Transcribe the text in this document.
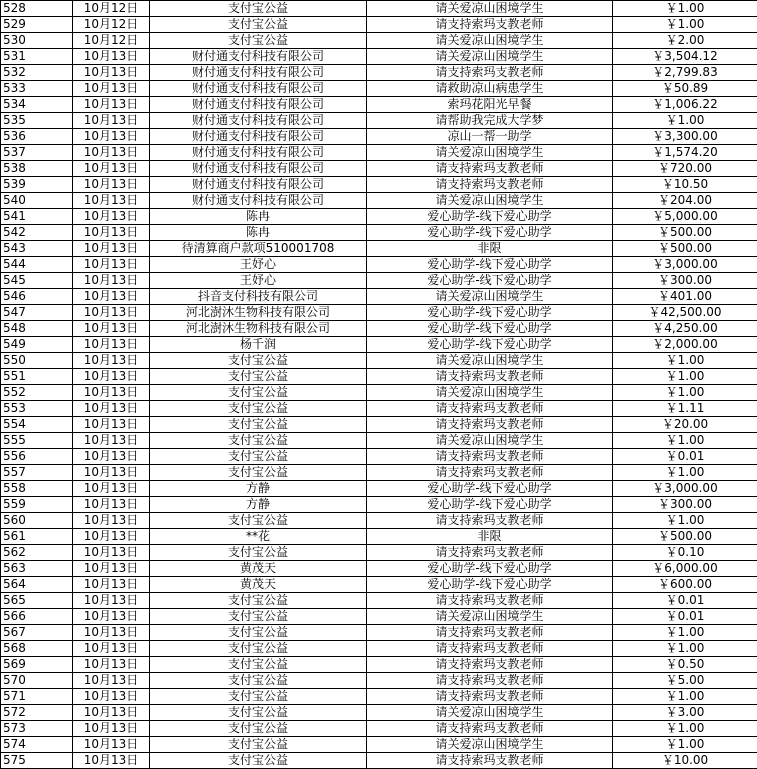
528	10月12日	支付宝公益	请关爱凉山困境学生	￥1.00
529	10月12日	支付宝公益	请支持索玛支教老师	￥1.00
530	10月12日	支付宝公益	请关爱凉山困境学生	￥2.00
531	10月13日	财付通支付科技有限公司	请关爱凉山困境学生	￥3,504.12
532	10月13日	财付通支付科技有限公司	请支持索玛支教老师	￥2,799.83
533	10月13日	财付通支付科技有限公司	请救助凉山病患学生	￥50.89
534	10月13日	财付通支付科技有限公司	索玛花阳光早餐	￥1,006.22
535	10月13日	财付通支付科技有限公司	请帮助我完成大学梦	￥1.00
536	10月13日	财付通支付科技有限公司	凉山一帮一助学	￥3,300.00
537	10月13日	财付通支付科技有限公司	请关爱凉山困境学生	￥1,574.20
538	10月13日	财付通支付科技有限公司	请支持索玛支教老师	￥720.00
539	10月13日	财付通支付科技有限公司	请支持索玛支教老师	￥10.50
540	10月13日	财付通支付科技有限公司	请关爱凉山困境学生	￥204.00
541	10月13日	陈冉	爱心助学-线下爱心助学	￥5,000.00
542	10月13日	陈冉	爱心助学-线下爱心助学	￥500.00
543	10月13日	待清算商户款项510001708	非限	￥500.00
544	10月13日	王妤心	爱心助学-线下爱心助学	￥3,000.00
545	10月13日	王妤心	爱心助学-线下爱心助学	￥300.00
546	10月13日	抖音支付科技有限公司	请关爱凉山困境学生	￥401.00
547	10月13日	河北澍沐生物科技有限公司	爱心助学-线下爱心助学	￥42,500.00
548	10月13日	河北澍沐生物科技有限公司	爱心助学-线下爱心助学	￥4,250.00
549	10月13日	杨千润	爱心助学-线下爱心助学	￥2,000.00
550	10月13日	支付宝公益	请关爱凉山困境学生	￥1.00
551	10月13日	支付宝公益	请支持索玛支教老师	￥1.00
552	10月13日	支付宝公益	请关爱凉山困境学生	￥1.00
553	10月13日	支付宝公益	请支持索玛支教老师	￥1.11
554	10月13日	支付宝公益	请支持索玛支教老师	￥20.00
555	10月13日	支付宝公益	请关爱凉山困境学生	￥1.00
556	10月13日	支付宝公益	请支持索玛支教老师	￥0.01
557	10月13日	支付宝公益	请支持索玛支教老师	￥1.00
558	10月13日	方静	爱心助学-线下爱心助学	￥3,000.00
559	10月13日	方静	爱心助学-线下爱心助学	￥300.00
560	10月13日	支付宝公益	请支持索玛支教老师	￥1.00
561	10月13日	**花	非限	￥500.00
562	10月13日	支付宝公益	请支持索玛支教老师	￥0.10
563	10月13日	黄茂天	爱心助学-线下爱心助学	￥6,000.00
564	10月13日	黄茂天	爱心助学-线下爱心助学	￥600.00
565	10月13日	支付宝公益	请支持索玛支教老师	￥0.01
566	10月13日	支付宝公益	请关爱凉山困境学生	￥0.01
567	10月13日	支付宝公益	请支持索玛支教老师	￥1.00
568	10月13日	支付宝公益	请支持索玛支教老师	￥1.00
569	10月13日	支付宝公益	请支持索玛支教老师	￥0.50
570	10月13日	支付宝公益	请支持索玛支教老师	￥5.00
571	10月13日	支付宝公益	请支持索玛支教老师	￥1.00
572	10月13日	支付宝公益	请关爱凉山困境学生	￥3.00
573	10月13日	支付宝公益	请支持索玛支教老师	￥1.00
574	10月13日	支付宝公益	请关爱凉山困境学生	￥1.00
575	10月13日	支付宝公益	请支持索玛支教老师	￥10.00
